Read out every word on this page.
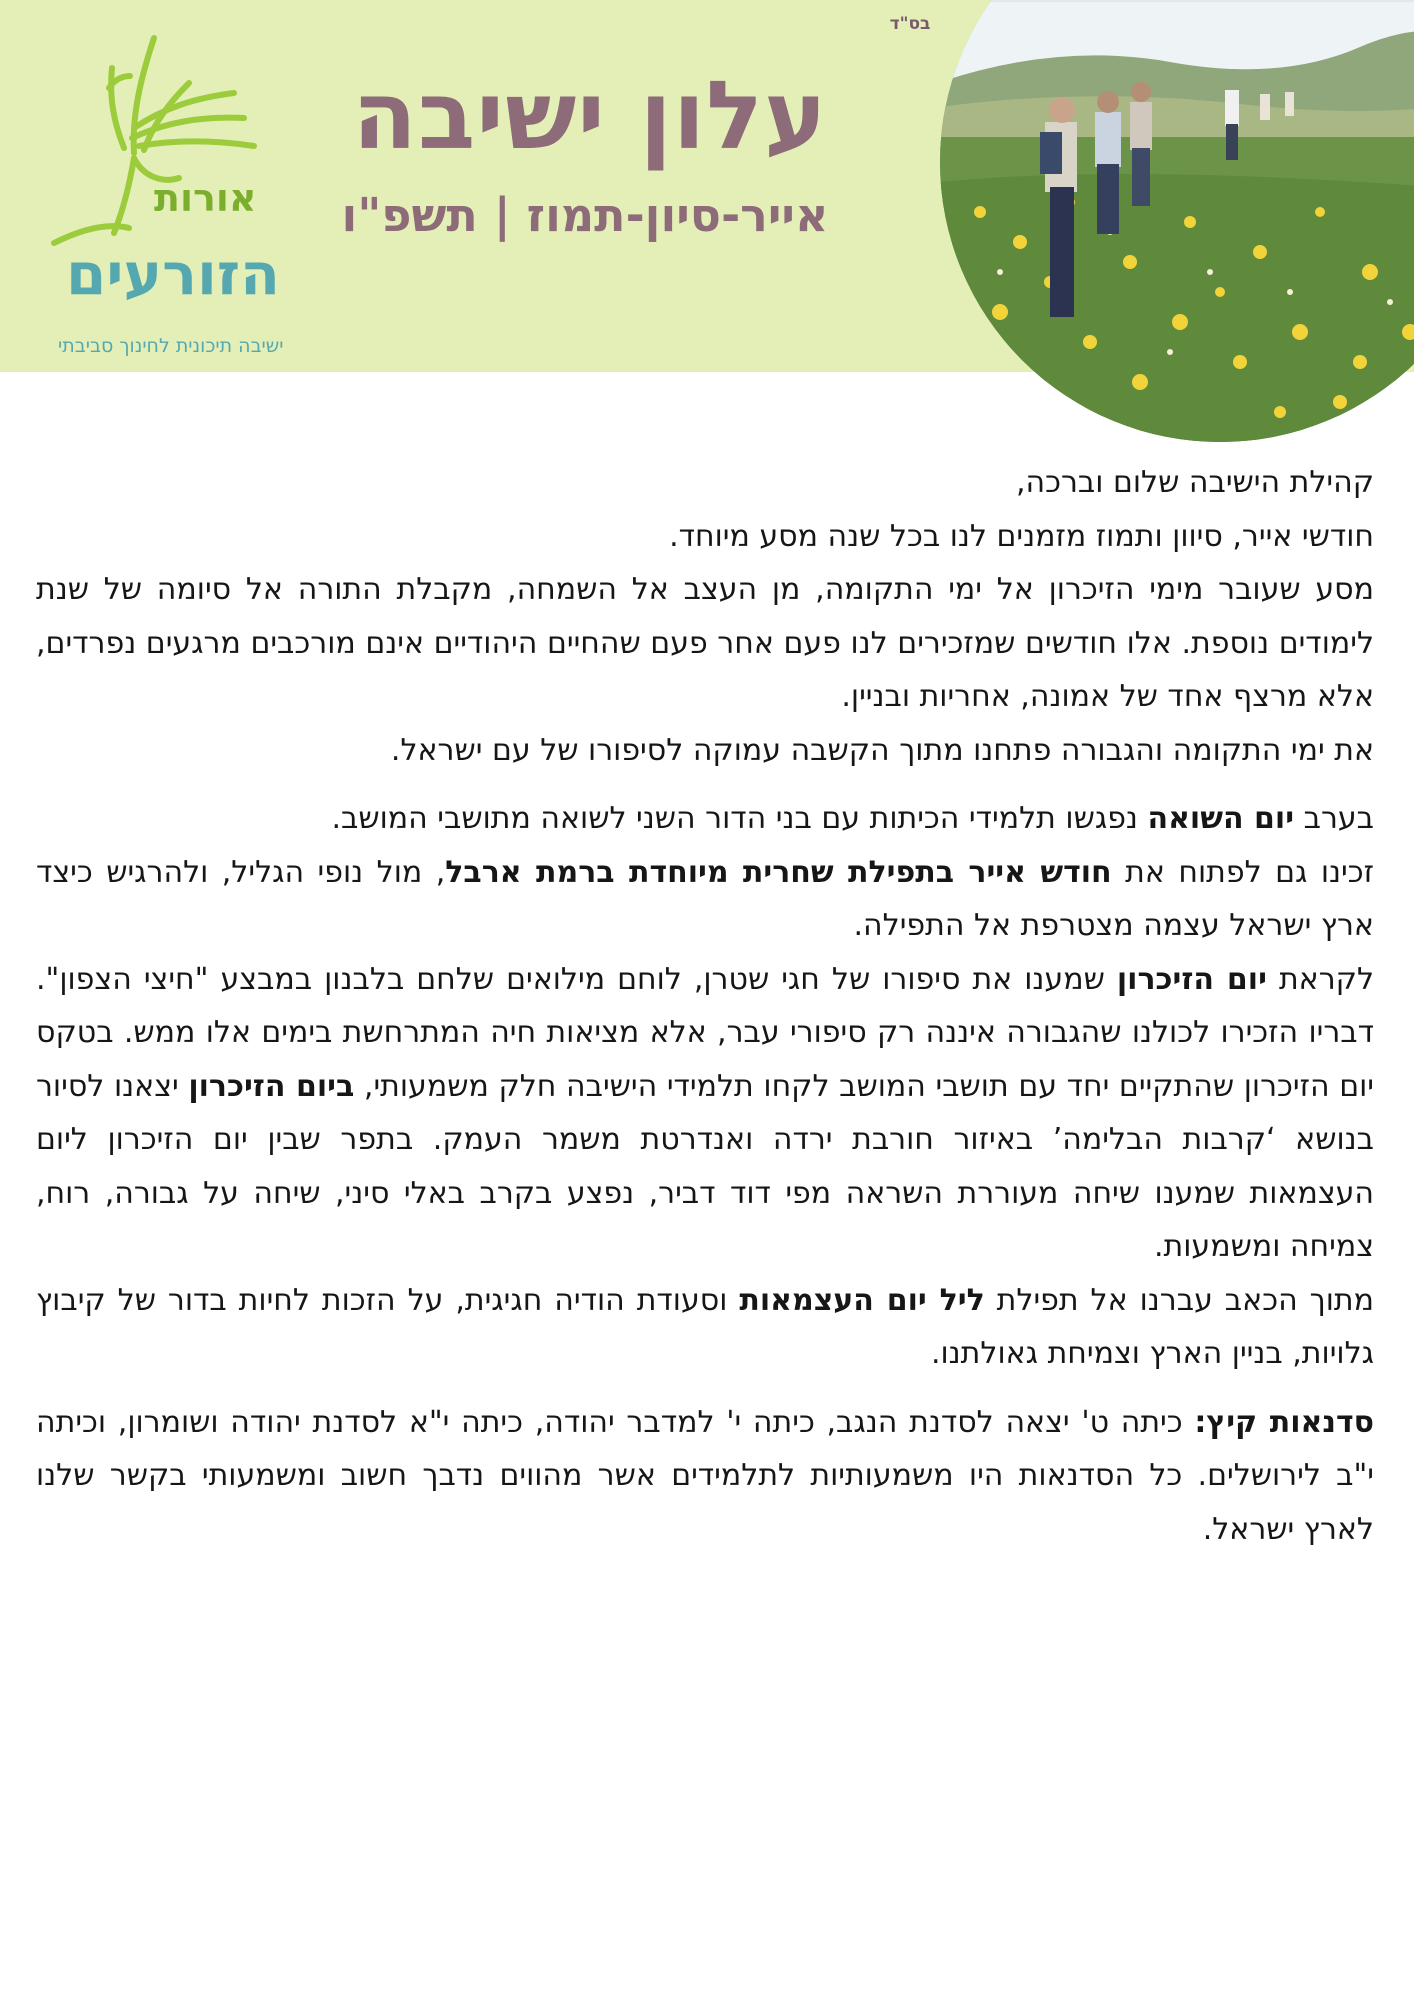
בס"ד
עלון ישיבה
אייר-סיון-תמוז | תשפ"ו
אורות
הזורעים
ישיבה תיכונית לחינוך סביבתי

קהילת הישיבה שלום וברכה,

חודשי אייר, סיוון ותמוז מזמנים לנו בכל שנה מסע מיוחד.

מסע שעובר מימי הזיכרון אל ימי התקומה, מן העצב אל השמחה, מקבלת התורה אל סיומה של שנת לימודים נוספת. אלו חודשים שמזכירים לנו פעם אחר פעם שהחיים היהודיים אינם מורכבים מרגעים נפרדים, אלא מרצף אחד של אמונה, אחריות ובניין.

את ימי התקומה והגבורה פתחנו מתוך הקשבה עמוקה לסיפורו של עם ישראל.

בערב יום השואה נפגשו תלמידי הכיתות עם בני הדור השני לשואה מתושבי המושב.

זכינו גם לפתוח את חודש אייר בתפילת שחרית מיוחדת ברמת ארבל, מול נופי הגליל, ולהרגיש כיצד ארץ ישראל עצמה מצטרפת אל התפילה.

לקראת יום הזיכרון שמענו את סיפורו של חגי שטרן, לוחם מילואים שלחם בלבנון במבצע "חיצי הצפון". דבריו הזכירו לכולנו שהגבורה איננה רק סיפורי עבר, אלא מציאות חיה המתרחשת בימים אלו ממש. בטקס יום הזיכרון שהתקיים יחד עם תושבי המושב לקחו תלמידי הישיבה חלק משמעותי, ביום הזיכרון יצאנו לסיור בנושא ‘קרבות הבלימה’ באיזור חורבת ירדה ואנדרטת משמר העמק. בתפר שבין יום הזיכרון ליום העצמאות שמענו שיחה מעוררת השראה מפי דוד דביר, נפצע בקרב באלי סיני, שיחה על גבורה, רוח, צמיחה ומשמעות.

מתוך הכאב עברנו אל תפילת ליל יום העצמאות וסעודת הודיה חגיגית, על הזכות לחיות בדור של קיבוץ גלויות, בניין הארץ וצמיחת גאולתנו.

סדנאות קיץ: כיתה ט' יצאה לסדנת הנגב, כיתה י' למדבר יהודה, כיתה י"א לסדנת יהודה ושומרון, וכיתה י"ב לירושלים. כל הסדנאות היו משמעותיות לתלמידים אשר מהווים נדבך חשוב ומשמעותי בקשר שלנו לארץ ישראל.
